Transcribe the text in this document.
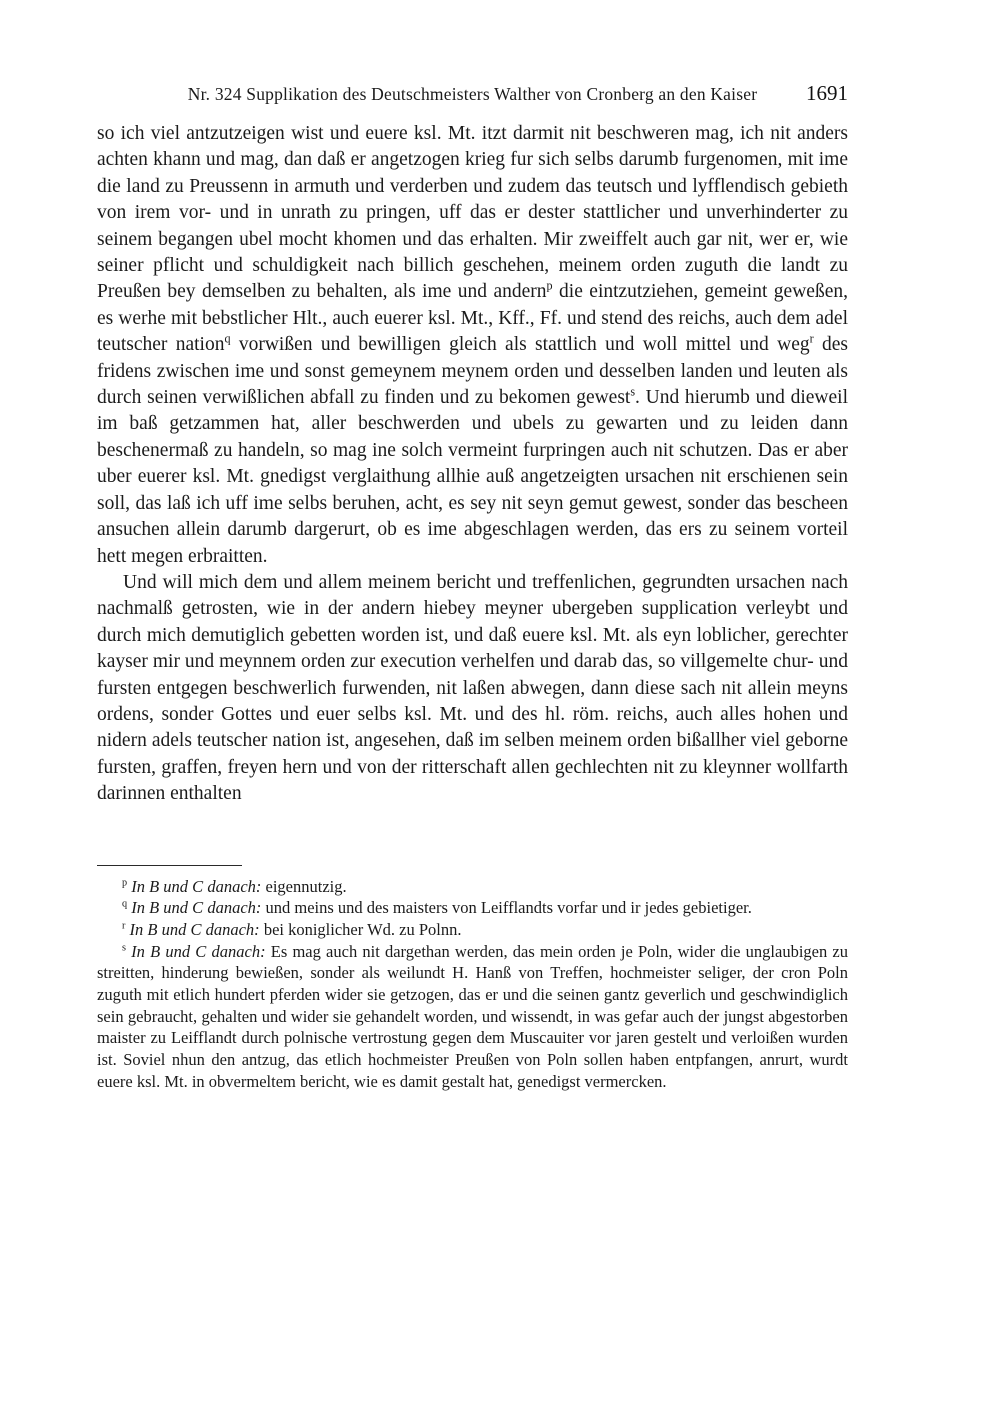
Nr. 324 Supplikation des Deutschmeisters Walther von Cronberg an den Kaiser	1691

so ich viel antzutzeigen wist und euere ksl. Mt. itzt darmit nit beschweren mag, ich nit anders achten khann und mag, dan daß er angetzogen krieg fur sich selbs darumb furgenomen, mit ime die land zu Preussenn in armuth und verderben und zudem das teutsch und lyfflendisch gebieth von irem vor- und in unrath zu pringen, uff das er dester stattlicher und unverhinderter zu seinem begangen ubel mocht khomen und das erhalten. Mir zweiffelt auch gar nit, wer er, wie seiner pflicht und schuldigkeit nach billich geschehen, meinem orden zuguth die landt zu Preußen bey demselben zu behalten, als ime und andern$^p$ die eintzutziehen, gemeint geweßen, es werhe mit bebstlicher Hlt., auch euerer ksl. Mt., Kff., Ff. und stend des reichs, auch dem adel teutscher nation$^q$ vorwißen und bewilligen gleich als stattlich und woll mittel und weg$^r$ des fridens zwischen ime und sonst gemeynem meynem orden und desselben landen und leuten als durch seinen verwißlichen abfall zu finden und zu bekomen gewest$^s$. Und hierumb und dieweil im baß getzammen hat, aller beschwerden und ubels zu gewarten und zu leiden dann beschenermaß zu handeln, so mag ine solch vermeint furpringen auch nit schutzen. Das er aber uber euerer ksl. Mt. gnedigst verglaithung allhie auß angetzeigten ursachen nit erschienen sein soll, das laß ich uff ime selbs beruhen, acht, es sey nit seyn gemut gewest, sonder das bescheen ansuchen allein darumb dargerurt, ob es ime abgeschlagen werden, das ers zu seinem vorteil hett megen erbraitten.

Und will mich dem und allem meinem bericht und treffenlichen, gegrundten ursachen nach nachmalß getrosten, wie in der andern hiebey meyner ubergeben supplication verleybt und durch mich demutiglich gebetten worden ist, und daß euere ksl. Mt. als eyn loblicher, gerechter kayser mir und meynnem orden zur execution verhelfen und darab das, so villgemelte chur- und fursten entgegen beschwerlich furwenden, nit laßen abwegen, dann diese sach nit allein meyns ordens, sonder Gottes und euer selbs ksl. Mt. und des hl. röm. reichs, auch alles hohen und nidern adels teutscher nation ist, angesehen, daß im selben meinem orden bißallher viel geborne fursten, graffen, freyen hern und von der ritterschaft allen gechlechten nit zu kleynner wollfarth darinnen enthalten

$^p$ In B und C danach: eigennutzig.

$^q$ In B und C danach: und meins und des maisters von Leifflandts vorfar und ir jedes gebietiger.

$^r$ In B und C danach: bei koniglicher Wd. zu Polnn.

$^s$ In B und C danach: Es mag auch nit dargethan werden, das mein orden je Poln, wider die unglaubigen zu streitten, hinderung bewießen, sonder als weilundt H. Hanß von Treffen, hochmeister seliger, der cron Poln zuguth mit etlich hundert pferden wider sie getzogen, das er und die seinen gantz geverlich und geschwindiglich sein gebraucht, gehalten und wider sie gehandelt worden, und wissendt, in was gefar auch der jungst abgestorben maister zu Leifflandt durch polnische vertrostung gegen dem Muscauiter vor jaren gestelt und verloißen wurden ist. Soviel nhun den antzug, das etlich hochmeister Preußen von Poln sollen haben entpfangen, anrurt, wurdt euere ksl. Mt. in obvermeltem bericht, wie es damit gestalt hat, genedigst vermercken.
